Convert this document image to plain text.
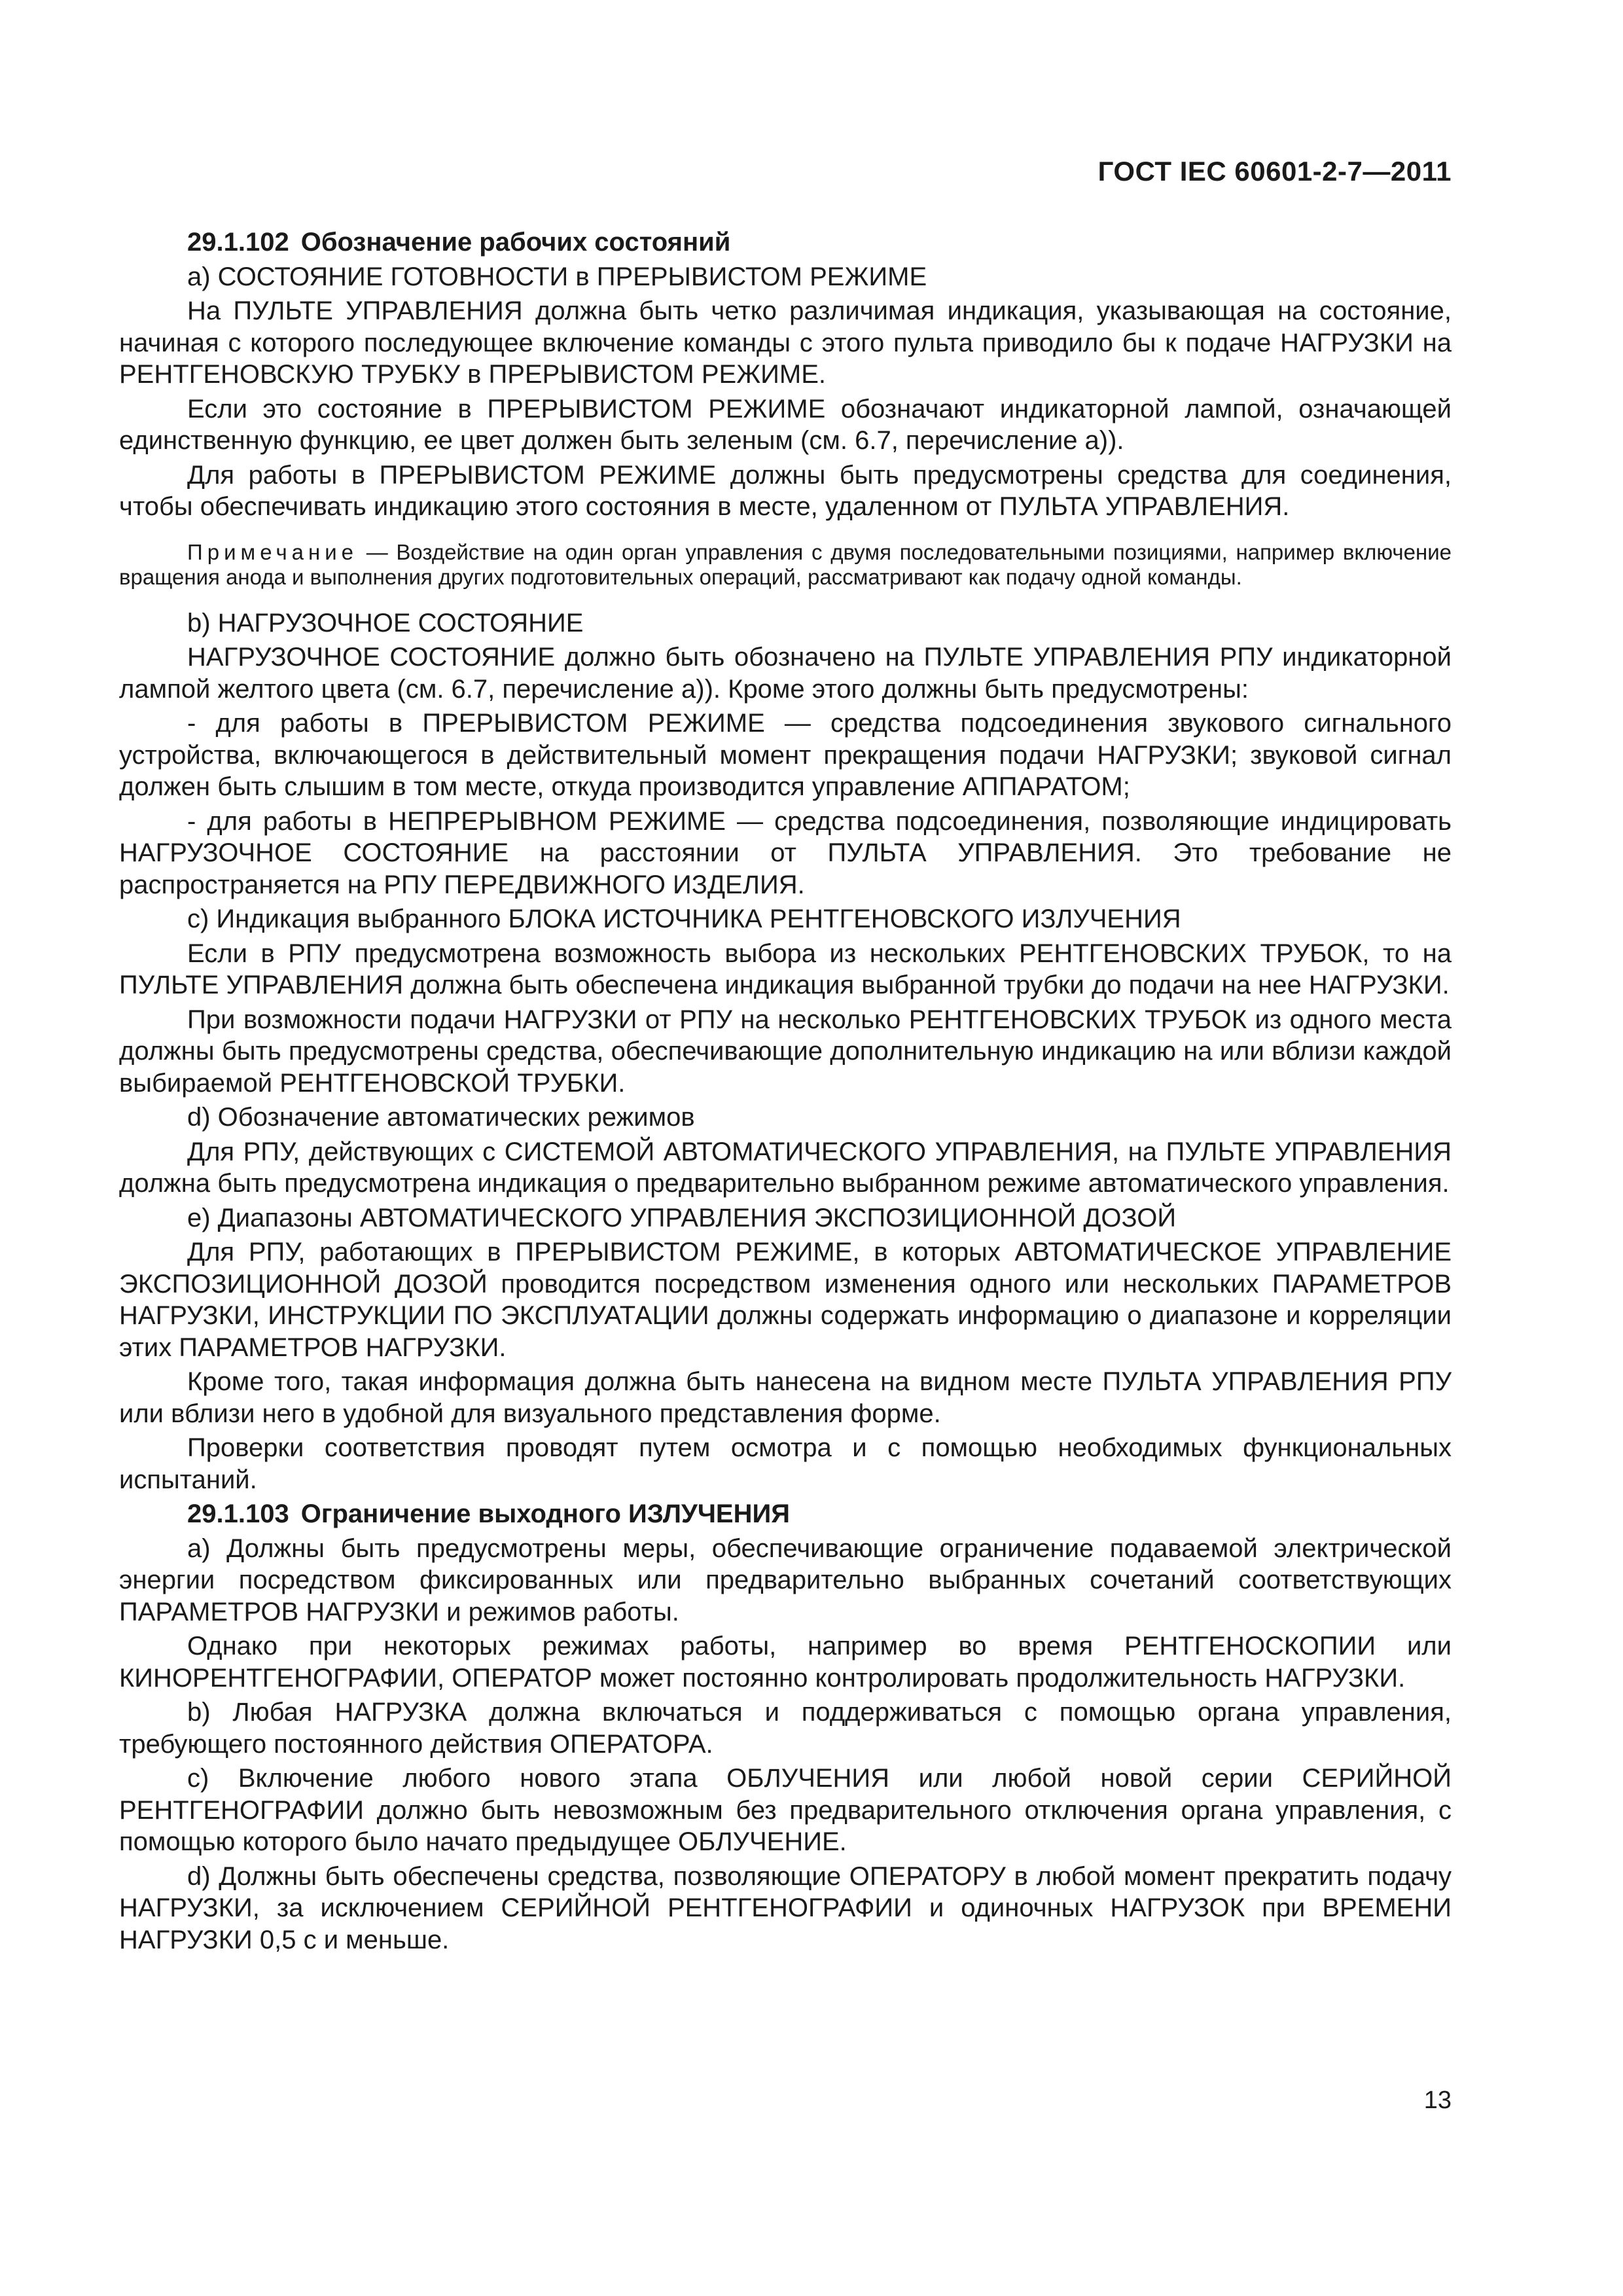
ГОСТ IEC 60601-2-7—2011

29.1.102 Обозначение рабочих состояний

a) СОСТОЯНИЕ ГОТОВНОСТИ в ПРЕРЫВИСТОМ РЕЖИМЕ

На ПУЛЬТЕ УПРАВЛЕНИЯ должна быть четко различимая индикация, указывающая на состояние, начиная с которого последующее включение команды с этого пульта приводило бы к подаче НАГРУЗКИ на РЕНТГЕНОВСКУЮ ТРУБКУ в ПРЕРЫВИСТОМ РЕЖИМЕ.

Если это состояние в ПРЕРЫВИСТОМ РЕЖИМЕ обозначают индикаторной лампой, означающей единственную функцию, ее цвет должен быть зеленым (см. 6.7, перечисление а)).

Для работы в ПРЕРЫВИСТОМ РЕЖИМЕ должны быть предусмотрены средства для соединения, чтобы обеспечивать индикацию этого состояния в месте, удаленном от ПУЛЬТА УПРАВЛЕНИЯ.

Примечание — Воздействие на один орган управления с двумя последовательными позициями, например включение вращения анода и выполнения других подготовительных операций, рассматривают как подачу одной команды.

b) НАГРУЗОЧНОЕ СОСТОЯНИЕ

НАГРУЗОЧНОЕ СОСТОЯНИЕ должно быть обозначено на ПУЛЬТЕ УПРАВЛЕНИЯ РПУ индикаторной лампой желтого цвета (см. 6.7, перечисление а)). Кроме этого должны быть предусмотрены:

- для работы в ПРЕРЫВИСТОМ РЕЖИМЕ — средства подсоединения звукового сигнального устройства, включающегося в действительный момент прекращения подачи НАГРУЗКИ; звуковой сигнал должен быть слышим в том месте, откуда производится управление АППАРАТОМ;

- для работы в НЕПРЕРЫВНОМ РЕЖИМЕ — средства подсоединения, позволяющие индицировать НАГРУЗОЧНОЕ СОСТОЯНИЕ на расстоянии от ПУЛЬТА УПРАВЛЕНИЯ. Это требование не распространяется на РПУ ПЕРЕДВИЖНОГО ИЗДЕЛИЯ.

c) Индикация выбранного БЛОКА ИСТОЧНИКА РЕНТГЕНОВСКОГО ИЗЛУЧЕНИЯ

Если в РПУ предусмотрена возможность выбора из нескольких РЕНТГЕНОВСКИХ ТРУБОК, то на ПУЛЬТЕ УПРАВЛЕНИЯ должна быть обеспечена индикация выбранной трубки до подачи на нее НАГРУЗКИ.

При возможности подачи НАГРУЗКИ от РПУ на несколько РЕНТГЕНОВСКИХ ТРУБОК из одного места должны быть предусмотрены средства, обеспечивающие дополнительную индикацию на или вблизи каждой выбираемой РЕНТГЕНОВСКОЙ ТРУБКИ.

d) Обозначение автоматических режимов

Для РПУ, действующих с СИСТЕМОЙ АВТОМАТИЧЕСКОГО УПРАВЛЕНИЯ, на ПУЛЬТЕ УПРАВЛЕНИЯ должна быть предусмотрена индикация о предварительно выбранном режиме автоматического управления.

e) Диапазоны АВТОМАТИЧЕСКОГО УПРАВЛЕНИЯ ЭКСПОЗИЦИОННОЙ ДОЗОЙ

Для РПУ, работающих в ПРЕРЫВИСТОМ РЕЖИМЕ, в которых АВТОМАТИЧЕСКОЕ УПРАВЛЕНИЕ ЭКСПОЗИЦИОННОЙ ДОЗОЙ проводится посредством изменения одного или нескольких ПАРАМЕТРОВ НАГРУЗКИ, ИНСТРУКЦИИ ПО ЭКСПЛУАТАЦИИ должны содержать информацию о диапазоне и корреляции этих ПАРАМЕТРОВ НАГРУЗКИ.

Кроме того, такая информация должна быть нанесена на видном месте ПУЛЬТА УПРАВЛЕНИЯ РПУ или вблизи него в удобной для визуального представления форме.

Проверки соответствия проводят путем осмотра и с помощью необходимых функциональных испытаний.

29.1.103 Ограничение выходного ИЗЛУЧЕНИЯ

a) Должны быть предусмотрены меры, обеспечивающие ограничение подаваемой электрической энергии посредством фиксированных или предварительно выбранных сочетаний соответствующих ПАРАМЕТРОВ НАГРУЗКИ и режимов работы.

Однако при некоторых режимах работы, например во время РЕНТГЕНОСКОПИИ или КИНОРЕНТГЕНОГРАФИИ, ОПЕРАТОР может постоянно контролировать продолжительность НАГРУЗКИ.

b) Любая НАГРУЗКА должна включаться и поддерживаться с помощью органа управления, требующего постоянного действия ОПЕРАТОРА.

c) Включение любого нового этапа ОБЛУЧЕНИЯ или любой новой серии СЕРИЙНОЙ РЕНТГЕНОГРАФИИ должно быть невозможным без предварительного отключения органа управления, с помощью которого было начато предыдущее ОБЛУЧЕНИЕ.

d) Должны быть обеспечены средства, позволяющие ОПЕРАТОРУ в любой момент прекратить подачу НАГРУЗКИ, за исключением СЕРИЙНОЙ РЕНТГЕНОГРАФИИ и одиночных НАГРУЗОК при ВРЕМЕНИ НАГРУЗКИ 0,5 с и меньше.

13
